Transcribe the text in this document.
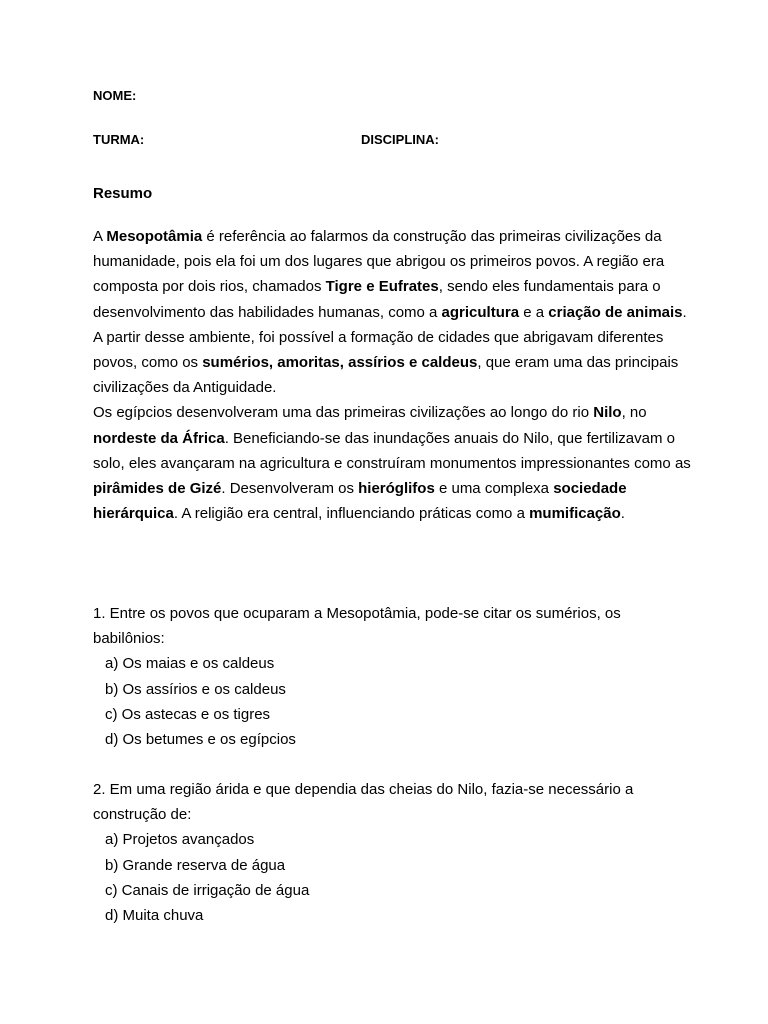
NOME:
TURMA:	DISCIPLINA:
Resumo

A Mesopotâmia é referência ao falarmos da construção das primeiras civilizações da humanidade, pois ela foi um dos lugares que abrigou os primeiros povos. A região era composta por dois rios, chamados Tigre e Eufrates, sendo eles fundamentais para o desenvolvimento das habilidades humanas, como a agricultura e a criação de animais.

A partir desse ambiente, foi possível a formação de cidades que abrigavam diferentes povos, como os sumérios, amoritas, assírios e caldeus, que eram uma das principais civilizações da Antiguidade.

Os egípcios desenvolveram uma das primeiras civilizações ao longo do rio Nilo, no nordeste da África. Beneficiando-se das inundações anuais do Nilo, que fertilizavam o solo, eles avançaram na agricultura e construíram monumentos impressionantes como as pirâmides de Gizé. Desenvolveram os hieróglifos e uma complexa sociedade hierárquica. A religião era central, influenciando práticas como a mumificação.

1. Entre os povos que ocuparam a Mesopotâmia, pode-se citar os sumérios, os babilônios:

a) Os maias e os caldeus
b) Os assírios e os caldeus
c) Os astecas e os tigres
d) Os betumes e os egípcios

2. Em uma região árida e que dependia das cheias do Nilo, fazia-se necessário a construção de:

a) Projetos avançados
b) Grande reserva de água
c) Canais de irrigação de água
d) Muita chuva
